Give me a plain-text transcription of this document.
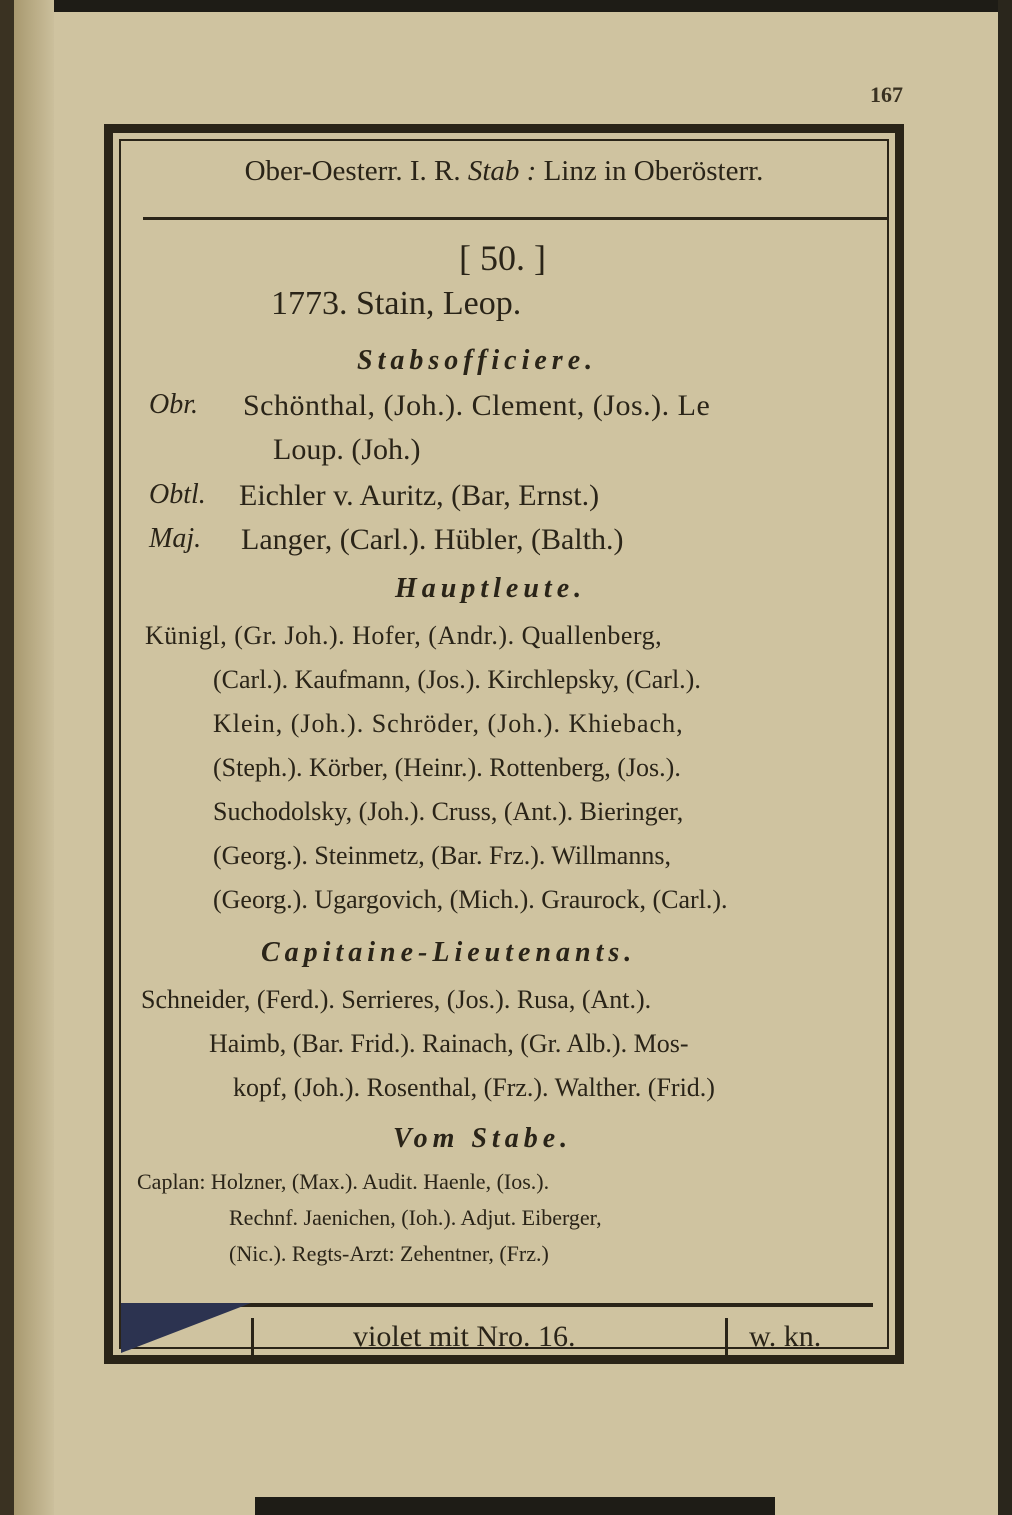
167
Ober-Oesterr. I. R. Stab : Linz in Oberösterr.
[ 50. ]
1773. Stain, Leop.
Stabsofficiere.
Obr. Schönthal, (Joh.). Clement, (Jos.). Le
Loup. (Joh.)
Obtl. Eichler v. Auritz, (Bar, Ernst.)
Maj. Langer, (Carl.). Hübler, (Balth.)
Hauptleute.
Künigl, (Gr. Joh.). Hofer, (Andr.). Quallenberg,
(Carl.). Kaufmann, (Jos.). Kirchlepsky, (Carl.).
Klein, (Joh.). Schröder, (Joh.). Khiebach,
(Steph.). Körber, (Heinr.). Rottenberg, (Jos.).
Suchodolsky, (Joh.). Cruss, (Ant.). Bieringer,
(Georg.). Steinmetz, (Bar. Frz.). Willmanns,
(Georg.). Ugargovich, (Mich.). Graurock, (Carl.).
Capitaine-Lieutenants.
Schneider, (Ferd.). Serrieres, (Jos.). Rusa, (Ant.).
Haimb, (Bar. Frid.). Rainach, (Gr. Alb.). Mos-
kopf, (Joh.). Rosenthal, (Frz.). Walther. (Frid.)
Vom Stabe.
Caplan: Holzner, (Max.). Audit. Haenle, (Ios.).
Rechnf. Jaenichen, (Ioh.). Adjut. Eiberger,
(Nic.). Regts-Arzt: Zehentner, (Frz.)
violet mit Nro. 16.	w. kn.
